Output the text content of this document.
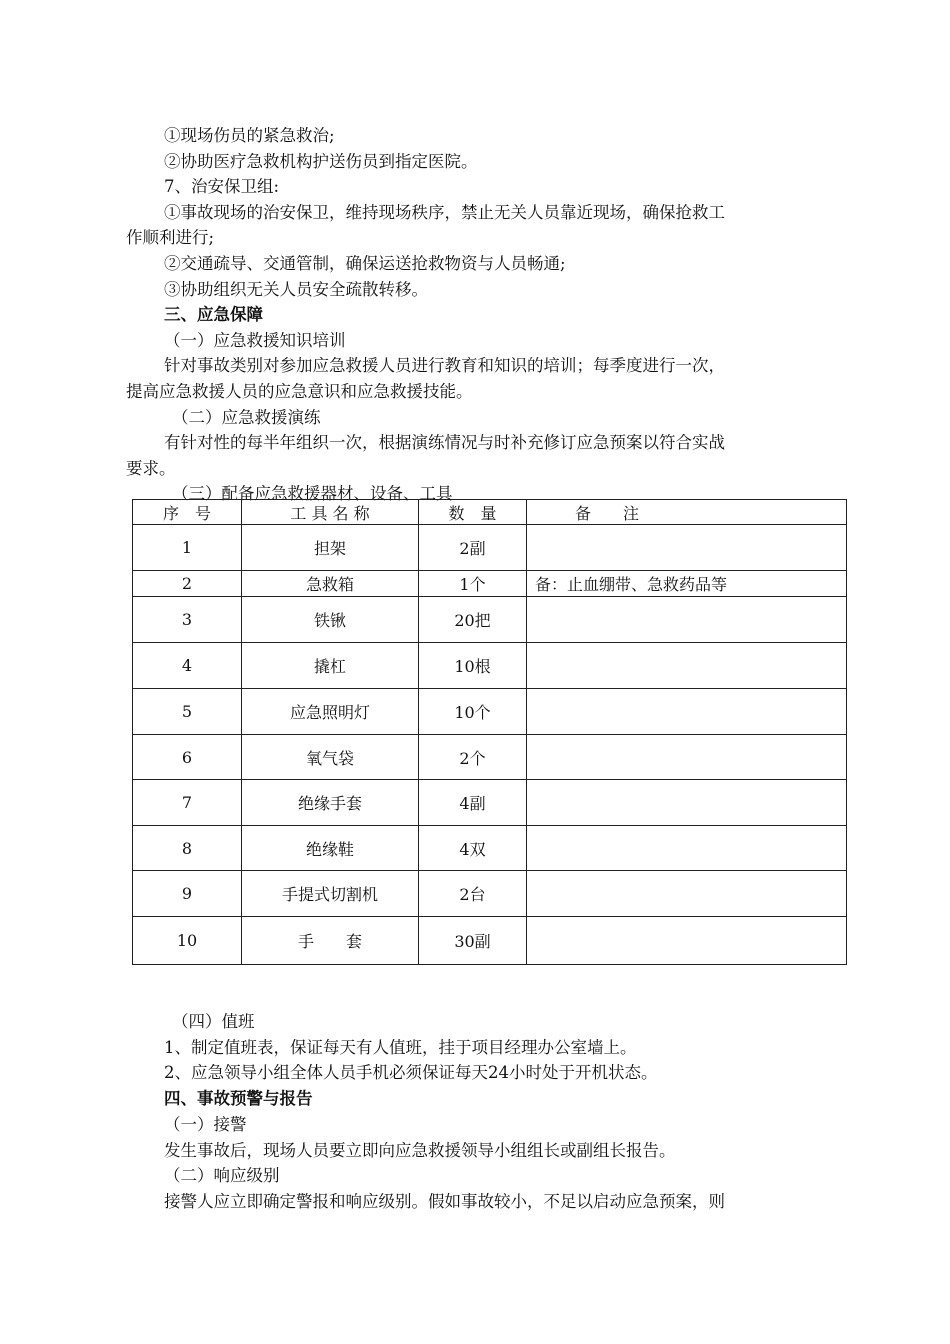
①现场伤员的紧急救治;
②协助医疗急救机构护送伤员到指定医院。
7、治安保卫组:
①事故现场的治安保卫，维持现场秩序，禁止无关人员靠近现场，确保抢救工
作顺利进行;
②交通疏导、交通管制，确保运送抢救物资与人员畅通;
③协助组织无关人员安全疏散转移。
三、应急保障
（一）应急救援知识培训
针对事故类别对参加应急救援人员进行教育和知识的培训；每季度进行一次，
提高应急救援人员的应急意识和应急救援技能。
（二）应急救援演练
有针对性的每半年组织一次，根据演练情况与时补充修订应急预案以符合实战
要求。
（三）配备应急救援器材、设备、工具
序　号	工 具 名 称	数　量	备　　注
1	担架	2副	
2	急救箱	1个	备：止血绷带、急救药品等
3	铁锹	20把	
4	撬杠	10根	
5	应急照明灯	10个	
6	氧气袋	2个	
7	绝缘手套	4副	
8	绝缘鞋	4双	
9	手提式切割机	2台	
10	手　　套	30副	
（四）值班
1、制定值班表，保证每天有人值班，挂于项目经理办公室墙上。
2、应急领导小组全体人员手机必须保证每天24小时处于开机状态。
四、事故预警与报告
（一）接警
发生事故后，现场人员要立即向应急救援领导小组组长或副组长报告。
（二）响应级别
接警人应立即确定警报和响应级别。假如事故较小，不足以启动应急预案，则
